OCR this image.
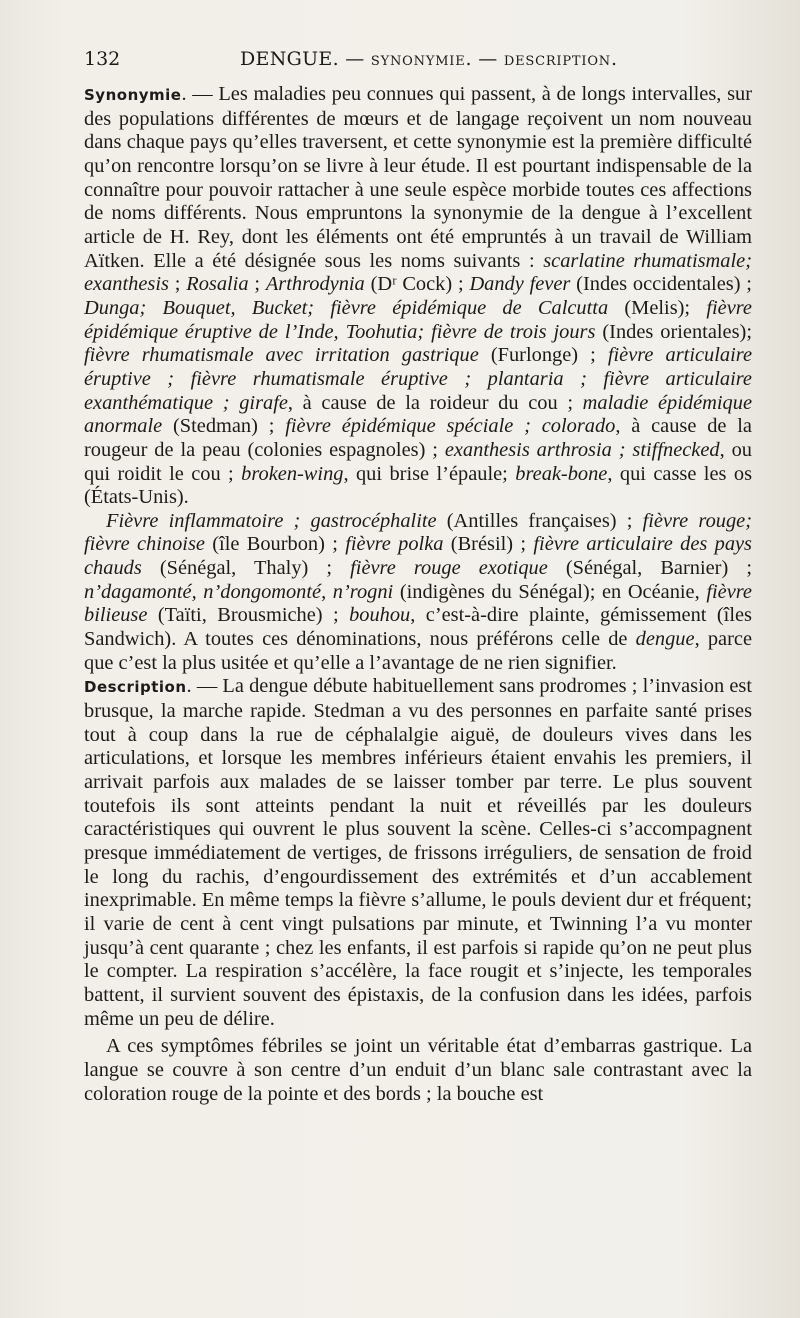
132	DENGUE. — SYNONYMIE. — DESCRIPTION.

Synonymie. — Les maladies peu connues qui passent, à de longs intervalles, sur des populations différentes de mœurs et de langage reçoivent un nom nouveau dans chaque pays qu’elles traversent, et cette synonymie est la première difficulté qu’on rencontre lorsqu’on se livre à leur étude. Il est pourtant indispensable de la connaître pour pouvoir rattacher à une seule espèce morbide toutes ces affections de noms différents. Nous empruntons la synonymie de la dengue à l’excellent article de H. Rey, dont les éléments ont été empruntés à un travail de William Aïtken. Elle a été désignée sous les noms suivants : scarlatine rhumatismale; exanthesis ; Rosalia ; Arthrodynia (Dʳ Cock) ; Dandy fever (Indes occidentales) ; Dunga; Bouquet, Bucket; fièvre épidémique de Calcutta (Melis); fièvre épidémique éruptive de l’Inde, Toohutia; fièvre de trois jours (Indes orientales); fièvre rhumatismale avec irritation gastrique (Furlonge) ; fièvre articulaire éruptive ; fièvre rhumatismale éruptive ; plantaria ; fièvre articulaire exanthématique ; girafe, à cause de la roideur du cou ; maladie épidémique anormale (Stedman) ; fièvre épidémique spéciale ; colorado, à cause de la rougeur de la peau (colonies espagnoles) ; exanthesis arthrosia ; stiffnecked, ou qui roidit le cou ; broken-wing, qui brise l’épaule; break-bone, qui casse les os (États-Unis).

Fièvre inflammatoire ; gastrocéphalite (Antilles françaises) ; fièvre rouge; fièvre chinoise (île Bourbon) ; fièvre polka (Brésil) ; fièvre articulaire des pays chauds (Sénégal, Thaly) ; fièvre rouge exotique (Sénégal, Barnier) ; n’dagamonté, n’dongomonté, n’rogni (indigènes du Sénégal); en Océanie, fièvre bilieuse (Taïti, Brousmiche) ; bouhou, c’est-à-dire plainte, gémissement (îles Sandwich). A toutes ces dénominations, nous préférons celle de dengue, parce que c’est la plus usitée et qu’elle a l’avantage de ne rien signifier.

Description. — La dengue débute habituellement sans prodromes ; l’invasion est brusque, la marche rapide. Stedman a vu des personnes en parfaite santé prises tout à coup dans la rue de céphalalgie aiguë, de douleurs vives dans les articulations, et lorsque les membres inférieurs étaient envahis les premiers, il arrivait parfois aux malades de se laisser tomber par terre. Le plus souvent toutefois ils sont atteints pendant la nuit et réveillés par les douleurs caractéristiques qui ouvrent le plus souvent la scène. Celles-ci s’accompagnent presque immédiatement de vertiges, de frissons irréguliers, de sensation de froid le long du rachis, d’engourdissement des extrémités et d’un accablement inexprimable. En même temps la fièvre s’allume, le pouls devient dur et fréquent; il varie de cent à cent vingt pulsations par minute, et Twinning l’a vu monter jusqu’à cent quarante ; chez les enfants, il est parfois si rapide qu’on ne peut plus le compter. La respiration s’accélère, la face rougit et s’injecte, les temporales battent, il survient souvent des épistaxis, de la confusion dans les idées, parfois même un peu de délire.

A ces symptômes fébriles se joint un véritable état d’embarras gastrique. La langue se couvre à son centre d’un enduit d’un blanc sale contrastant avec la coloration rouge de la pointe et des bords ; la bouche est
